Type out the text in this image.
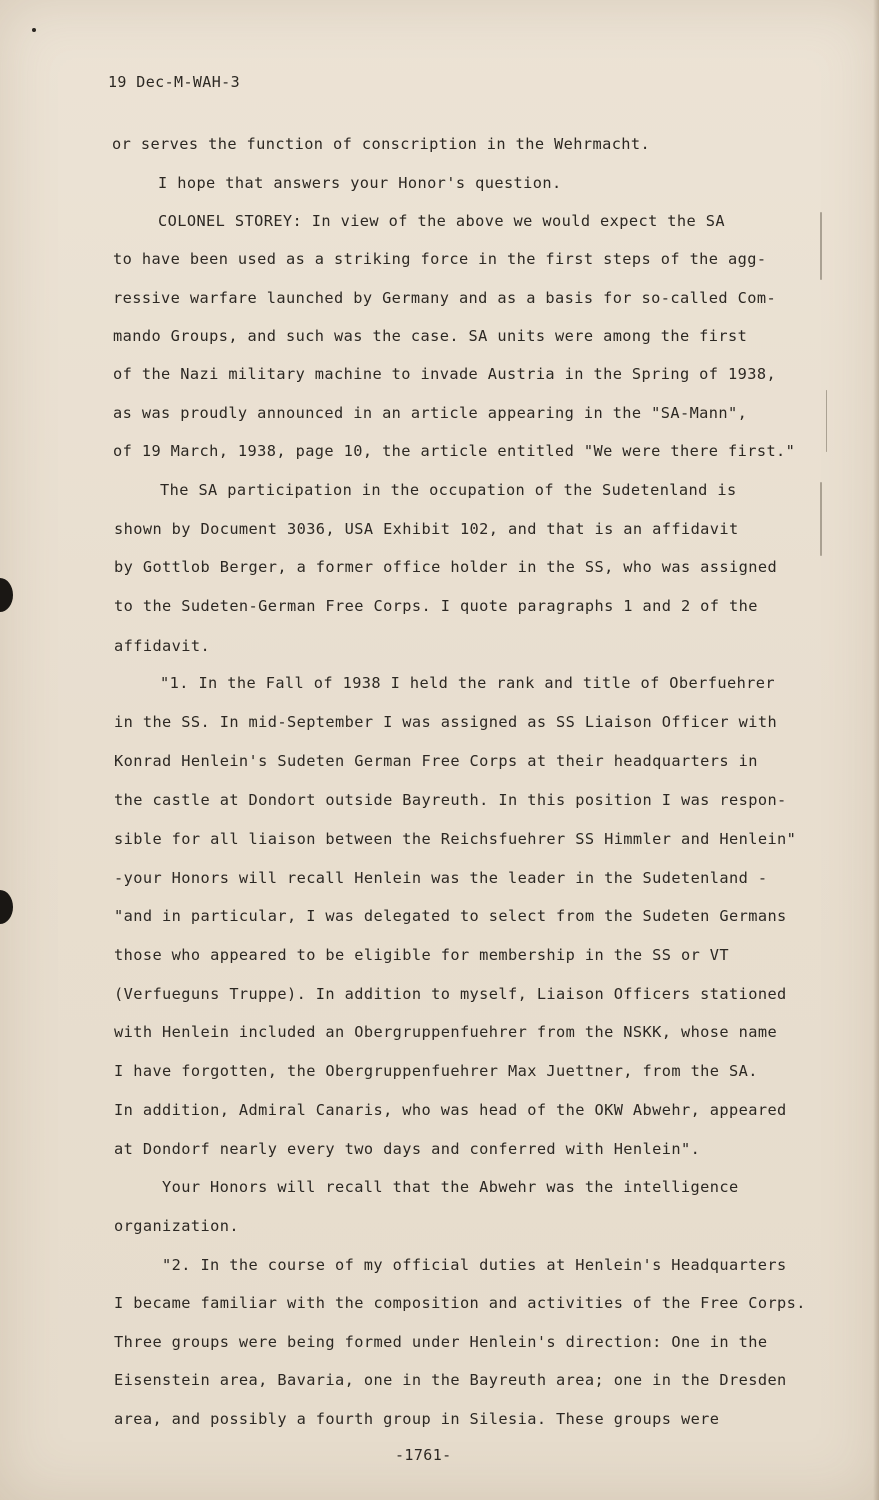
19 Dec-M-WAH-3
or serves the function of conscription in the Wehrmacht.
I hope that answers your Honor's question.
COLONEL STOREY: In view of the above we would expect the SA
to have been used as a striking force in the first steps of the agg-
ressive warfare launched by Germany and as a basis for so-called Com-
mando Groups, and such was the case. SA units were among the first
of the Nazi military machine to invade Austria in the Spring of 1938,
as was proudly announced in an article appearing in the "SA-Mann",
of 19 March, 1938, page 10, the article entitled "We were there first."
The SA participation in the occupation of the Sudetenland is
shown by Document 3036, USA Exhibit 102, and that is an affidavit
by Gottlob Berger, a former office holder in the SS, who was assigned
to the Sudeten-German Free Corps. I quote paragraphs 1 and 2 of the
affidavit.
"1. In the Fall of 1938 I held the rank and title of Oberfuehrer
in the SS. In mid-September I was assigned as SS Liaison Officer with
Konrad Henlein's Sudeten German Free Corps at their headquarters in
the castle at Dondort outside Bayreuth. In this position I was respon-
sible for all liaison between the Reichsfuehrer SS Himmler and Henlein"
-your Honors will recall Henlein was the leader in the Sudetenland -
"and in particular, I was delegated to select from the Sudeten Germans
those who appeared to be eligible for membership in the SS or VT
(Verfueguns Truppe). In addition to myself, Liaison Officers stationed
with Henlein included an Obergruppenfuehrer from the NSKK, whose name
I have forgotten, the Obergruppenfuehrer Max Juettner, from the SA.
In addition, Admiral Canaris, who was head of the OKW Abwehr, appeared
at Dondorf nearly every two days and conferred with Henlein".
Your Honors will recall that the Abwehr was the intelligence
organization.
"2. In the course of my official duties at Henlein's Headquarters
I became familiar with the composition and activities of the Free Corps.
Three groups were being formed under Henlein's direction: One in the
Eisenstein area, Bavaria, one in the Bayreuth area; one in the Dresden
area, and possibly a fourth group in Silesia. These groups were
-1761-
